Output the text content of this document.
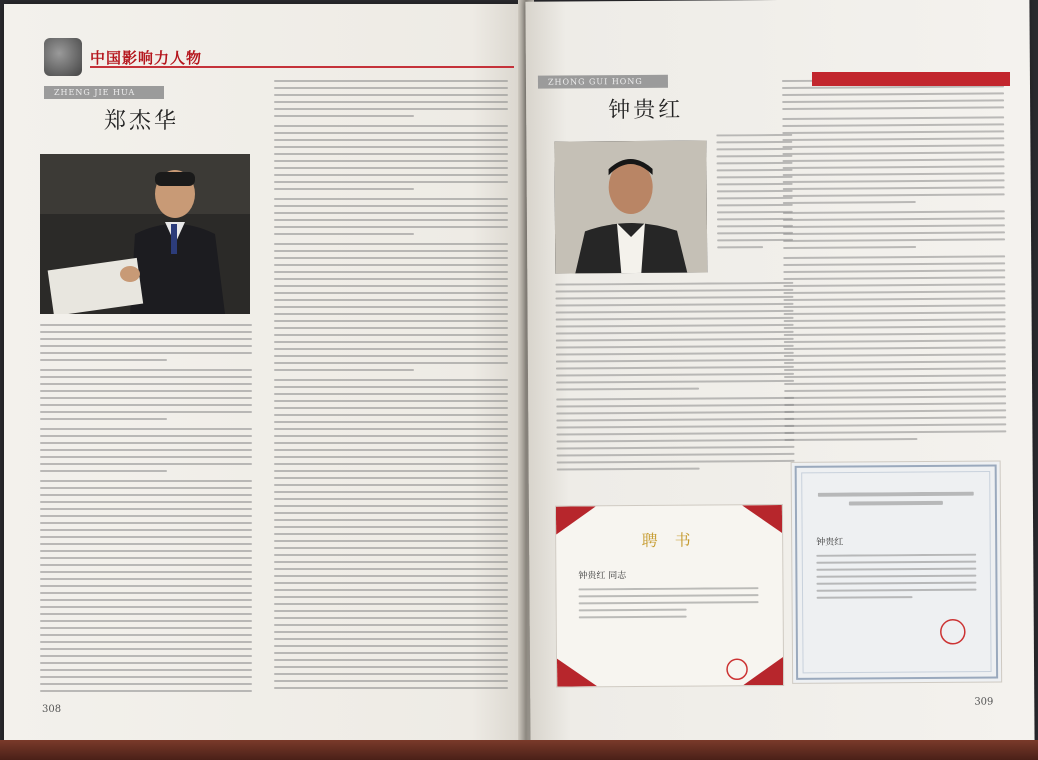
中国影响力人物
ZHENG JIE HUA
郑杰华
308
ZHONG GUI HONG
钟贵红
聘 书
钟贵红 同志
钟贵红
309
